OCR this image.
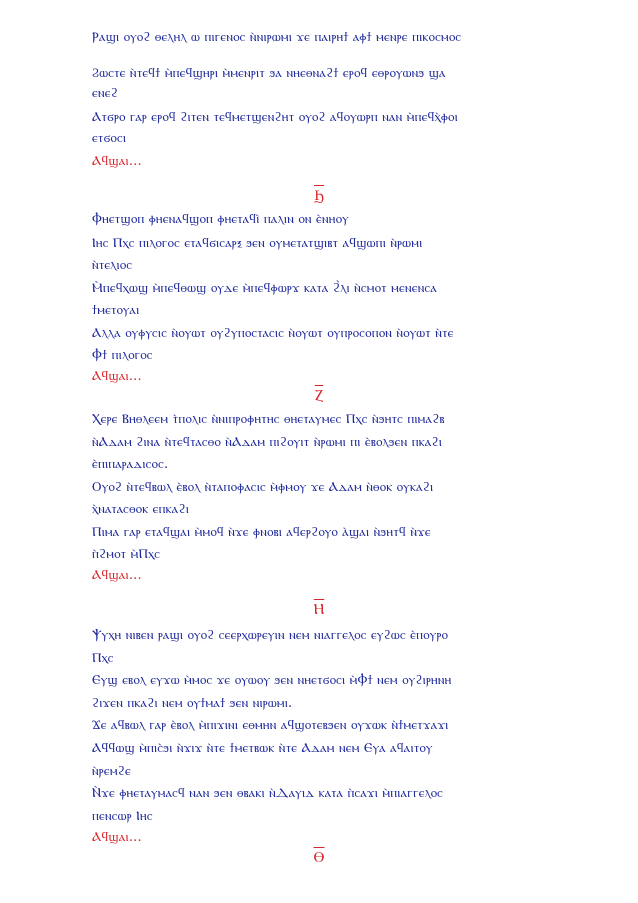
Ⲣⲁϣⲓ ⲟⲩⲟϩ ⲑⲉⲗⲏⲗ ⲱ ⲡⲓⲅⲉⲛⲟⲥ ⲛ̀ⲛⲓⲣⲱⲙⲓ ϫⲉ ⲡⲁⲓⲣⲏϯ ⲁⲫϯ ⲙⲉⲛⲣⲉ ⲡⲓⲕⲟⲥⲙⲟⲥ
Ϩⲱⲥⲧⲉ ⲛ̀ⲧⲉϥϯ ⲙ̀ⲡⲉϥϣⲏⲣⲓ ⲙ̀ⲙⲉⲛⲣⲓⲧ ϧⲁ ⲛⲏⲉⲑⲛⲁϩϯ ⲉⲣⲟϥ ⲉⲑⲣⲟⲩⲱⲛϧ ϣⲁ
ⲉⲛⲉϩ
Ⲁⲧϭⲣⲟ ⲅⲁⲣ ⲉⲣⲟϥ ϩⲓⲧⲉⲛ ⲧⲉϥⲙⲉⲧϣⲉⲛϩⲏⲧ ⲟⲩⲟϩ ⲁϥⲟⲩⲱⲣⲡ ⲛⲁⲛ ⲙ̀ⲡⲉϥⲭ̀ⲫⲟⲓ
ⲉⲧϭⲟⲥⲓ
Ⲁϥϣⲁⲓ...
Ϧ
Ⲫⲏⲉⲧϣⲟⲡ ⲫⲏⲉⲛⲁϥϣⲟⲡ ⲫⲏⲉⲧⲁϥⲓ̀ ⲡⲁⲗⲓⲛ ⲟⲛ ⲉ̀ⲛⲏⲟⲩ
Ⲓⲏⲥ Ⲡⲭⲥ ⲡⲓⲗⲟⲅⲟⲥ ⲉⲧⲁϥϭⲓⲥⲁⲣⲝ ϧⲉⲛ ⲟⲩⲙⲉⲧⲁⲧϣⲓⲃⲧ ⲁϥϣⲱⲡⲓ ⲛ̀ⲣⲱⲙⲓ
ⲛ̀ⲧⲉⲗⲓⲟⲥ
Ⲙ̀ⲡⲉϥⲭⲱϣ ⲙ̀ⲡⲉϥⲑⲱϣ ⲟⲩⲇⲉ ⲙ̀ⲡⲉϥⲫⲱⲣϫ ⲕⲁⲧⲁ ϩ̀ⲗⲓ ⲛ̀ⲥⲙⲟⲧ ⲙⲉⲛⲉⲛⲥⲁ
ϯⲙⲉⲧⲟⲩⲁⲓ
Ⲁⲗⲗⲁ ⲟⲩⲫⲩⲥⲓⲥ ⲛ̀ⲟⲩⲱⲧ ⲟⲩϩⲩⲡⲟⲥⲧⲁⲥⲓⲥ ⲛ̀ⲟⲩⲱⲧ ⲟⲩⲡⲣⲟⲥⲟⲡⲟⲛ ⲛ̀ⲟⲩⲱⲧ ⲛ̀ⲧⲉ
Ⲫϯ ⲡⲓⲗⲟⲅⲟⲥ
Ⲁϥϣⲁⲓ...
Ⲍ
Ⲭⲉⲣⲉ Ⲃⲏⲑⲗⲉⲉⲙ ⲧ̀ⲡⲟⲗⲓⲥ ⲛ̀ⲛⲓⲡⲣⲟⲫⲏⲧⲏⲥ ⲑⲏⲉⲧⲁⲩⲙⲉⲥ Ⲡⲭⲥ ⲛ̀ϧⲏⲧⲥ ⲡⲓⲙⲁϩⲃ
ⲛ̀Ⲁⲇⲁⲙ ϩⲓⲛⲁ ⲛ̀ⲧⲉϥⲧⲁⲥⲑⲟ ⲛ̀Ⲁⲇⲁⲙ ⲡⲓϩⲟⲩⲓⲧ ⲛ̀ⲣⲱⲙⲓ ⲡⲓ ⲉ̀ⲃⲟⲗϧⲉⲛ ⲡⲕⲁϩⲓ
ⲉ̀ⲡⲓⲡⲁⲣⲁⲇⲓⲥⲟⲥ.
Ⲟⲩⲟϩ ⲛ̀ⲧⲉϥⲃⲱⲗ ⲉ̀ⲃⲟⲗ ⲛ̀ⲧⲁⲡⲟⲫⲁⲥⲓⲥ ⲙ̀ⲫⲙⲟⲩ ϫⲉ Ⲁⲇⲁⲙ ⲛ̀ⲑⲟⲕ ⲟⲩⲕⲁϩⲓ
ⲭ̀ⲛⲁⲧⲁⲥⲑⲟⲕ ⲉⲡⲕⲁϩⲓ
Ⲡⲓⲙⲁ ⲅⲁⲣ ⲉⲧⲁϥϣⲁⲓ ⲙ̀ⲙⲟϥ ⲛ̀ϫⲉ ⲫⲛⲟⲃⲓ ⲁϥⲉⲣϩⲟⲩⲟ ⲁ̀ϣⲁⲓ ⲛ̀ϧⲏⲧϥ ⲛ̀ϫⲉ
ⲡ̀ϩⲙⲟⲧ ⲙ̀Ⲡⲭⲥ
Ⲁϥϣⲁⲓ...
Ⲏ
Ⲯⲩⲭⲏ ⲛⲓⲃⲉⲛ ⲣⲁϣⲓ ⲟⲩⲟϩ ⲥⲉⲉⲣⲭⲱⲣⲉⲩⲓⲛ ⲛⲉⲙ ⲛⲓⲁⲅⲅⲉⲗⲟⲥ ⲉⲩϩⲱⲥ ⲉ̀ⲡⲟⲩⲣⲟ
Ⲡⲭⲥ
Ⲉⲩϣ ⲉⲃⲟⲗ ⲉⲩϫⲱ ⲙ̀ⲙⲟⲥ ϫⲉ ⲟⲩⲱⲟⲩ ϧⲉⲛ ⲛⲏⲉⲧϭⲟⲥⲓ ⲙ̀Ⲫϯ ⲛⲉⲙ ⲟⲩϩⲓⲣⲏⲛⲏ
ϩⲓϫⲉⲛ ⲡⲕⲁϩⲓ ⲛⲉⲙ ⲟⲩϯⲙⲁϯ ϧⲉⲛ ⲛⲓⲣⲱⲙⲓ.
Ϫⲉ ⲁϥⲃⲱⲗ ⲅⲁⲣ ⲉ̀ⲃⲟⲗ ⲙ̀ⲡⲓϫⲓⲛⲓ ⲉⲑⲙⲏⲛ ⲁϥϣⲟⲧⲉⲃϧⲉⲛ ⲟⲩϫⲱⲕ ⲛ̀ϯⲙⲉⲧϫⲁϫⲓ
Ⲁϥϥⲱϣ ⲙ̀ⲡⲓⲥ̀ϧⲓ ⲛ̀ϫⲓϫ ⲛ̀ⲧⲉ ϯⲙⲉⲧⲃⲱⲕ ⲛ̀ⲧⲉ Ⲁⲇⲁⲙ ⲛⲉⲙ Ⲉⲩⲁ ⲁϥⲁⲓⲧⲟⲩ
ⲛ̀ⲣⲉⲙϩⲉ
Ⲛ̀ϫⲉ ⲫⲏⲉⲧⲁⲩⲙⲁⲥϥ ⲛⲁⲛ ϧⲉⲛ ⲑⲃⲁⲕⲓ ⲛ̀Ⲇⲁⲩⲓⲇ ⲕⲁⲧⲁ ⲡ̀ⲥⲁϫⲓ ⲙ̀ⲡⲓⲁⲅⲅⲉⲗⲟⲥ
ⲡⲉⲛⲥⲱⲣ Ⲓⲏⲥ
Ⲁϥϣⲁⲓ...
Ⲑ
